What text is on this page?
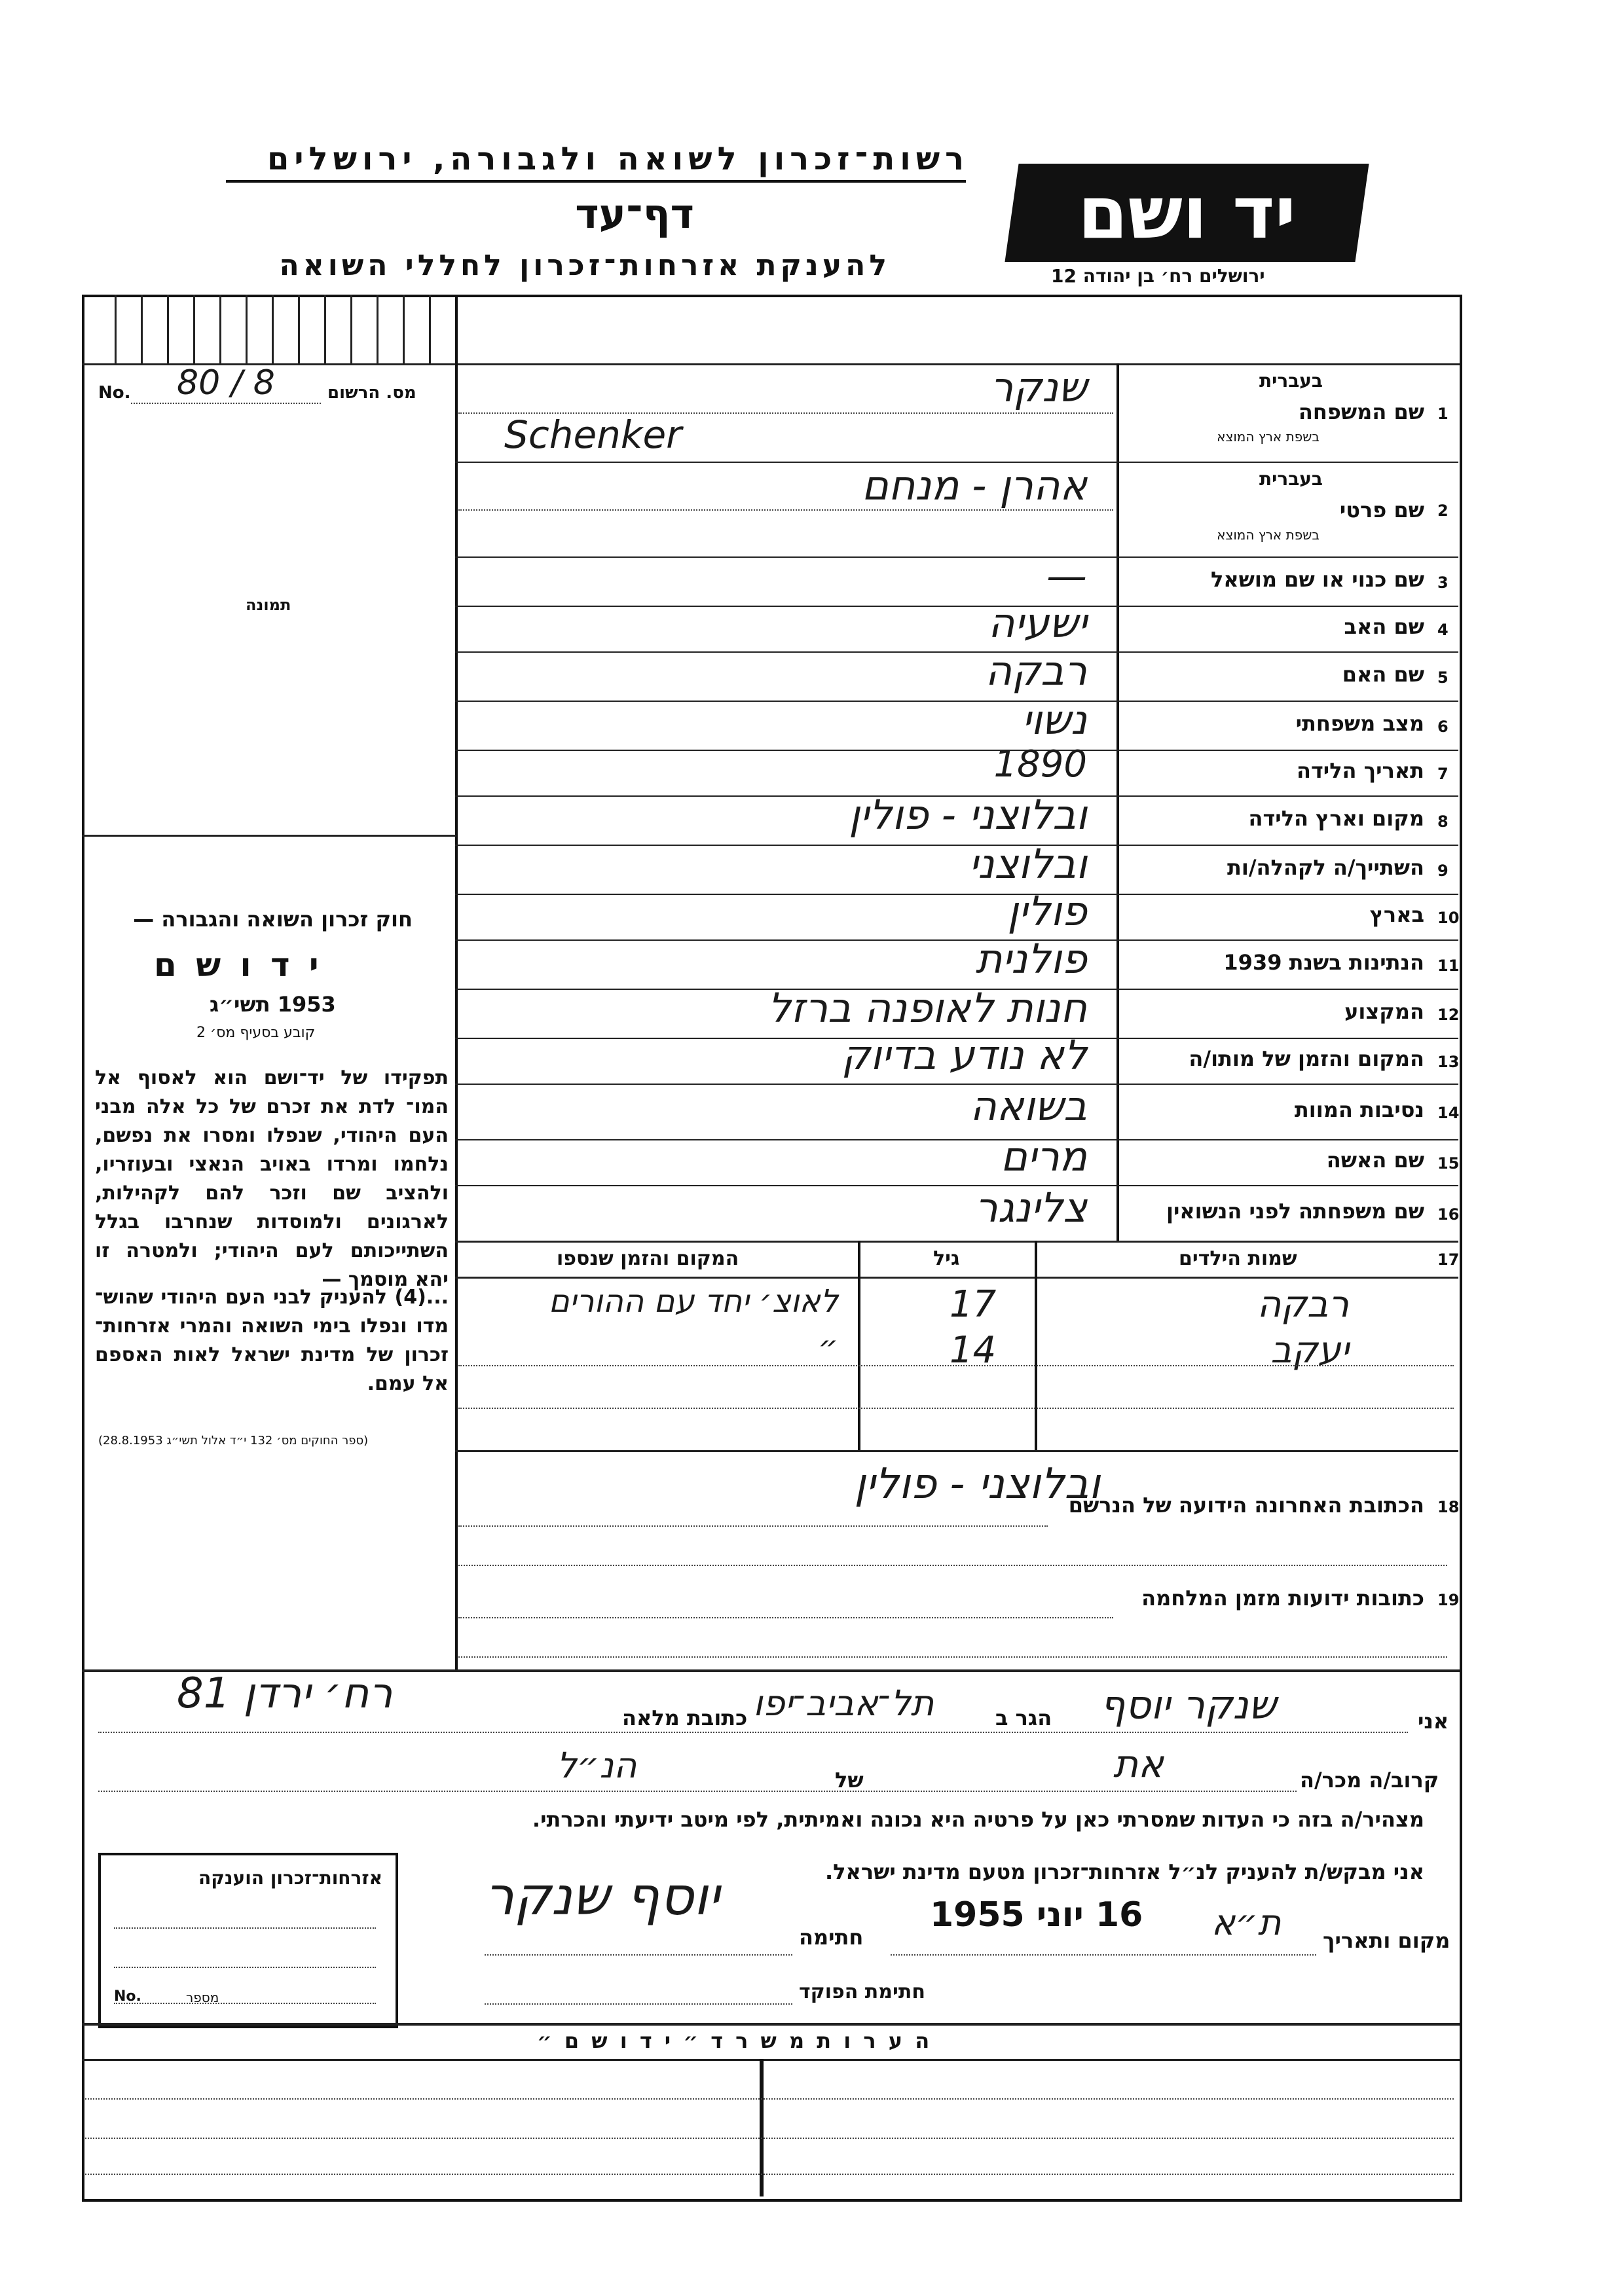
רשות־זכרון לשואה ולגבורה, ירושלים
דף־עד
להענקת אזרחות־זכרון לחללי השואה
יד ושם
ירושלים רח׳ בן יהודה 12
מס. הרשום
No. 80 / 8
תמונה
1
שם המשפחה
בעברית
בשפת ארץ המוצא
שנקר
Schenker
2
שם פרטי
בעברית
בשפת ארץ המוצא
אהרן - מנחם
3
שם כנוי או שם מושאל
—
4
שם האב
ישעיה
5
שם האם
רבקה
6
מצב משפחתי
נשוי
7
תאריך הלידה
1890
8
מקום וארץ הלידה
ובלוצני - פולין
9
השתייך/ה לקהלה/ות
ובלוצני
10
בארץ
פולין
11
הנתינות בשנת 1939
פולנית
12
המקצוע
חנות לאופנה ברזל
13
המקום והזמן של מותו/ה
לא נודע בדיוק
14
נסיבות המוות
בשואה
15
שם האשה
מרים
16
שם משפחתה לפני הנשואין
צלינגר
חוק זכרון השואה והגבורה —
י ד ו ש ם
1953 תשי״ג
קובע בסעיף מס׳ 2
תפקידו של יד־ושם הוא לאסוף אל המו־ לדת את זכרם של כל אלה מבני העם היהודי, שנפלו ומסרו את נפשם, נלחמו ומרדו באויב הנאצי ובעוזריו, ולהציב שם וזכר להם לקהילות, לארגונים ולמוסדות שנחרבו בגלל השתייכותם לעם היהודי; ולמטרה זו יהא מוסמך —
...(4) להעניק לבני העם היהודי שהוש־ מדו ונפלו בימי השואה והמרי אזרחות־ זכרון של מדינת ישראל לאות האספם אל עמם.
(ספר החוקים מס׳ 132 י״ד אלול תשי״ג 28.8.1953)
17
שמות הילדים
גיל
המקום והזמן שנספו
רבקה
17
לאוצ׳ יחד עם ההורים
יעקב
14
״
18
הכתובת האחרונה הידועה של הנרשם
ובלוצני - פולין
19
כתובות ידועות מזמן המלחמה
אני
שנקר יוסף
הגר ב
תל־אביב־יפו
כתובת מלאה
רח׳ ירדן 81
קרוב/ה מכר/ה
את
של
הנ״ל
מצהיר/ה בזה כי העדות שמסרתי כאן על פרטיה היא נכונה ואמיתית, לפי מיטב ידיעתי והכרתי.
אני מבקש/ת להעניק לנ״ל אזרחות־זכרון מטעם מדינת ישראל.
מקום ותאריך
ת״א
16 יוני 1955
חתימה
יוסף שנקר
חתימת הפוקד
אזרחות־זכרון הוענקה
מספר
No.
ה ע ר ו ת מ ש ר ד ״ י ד ו ש ם ״
